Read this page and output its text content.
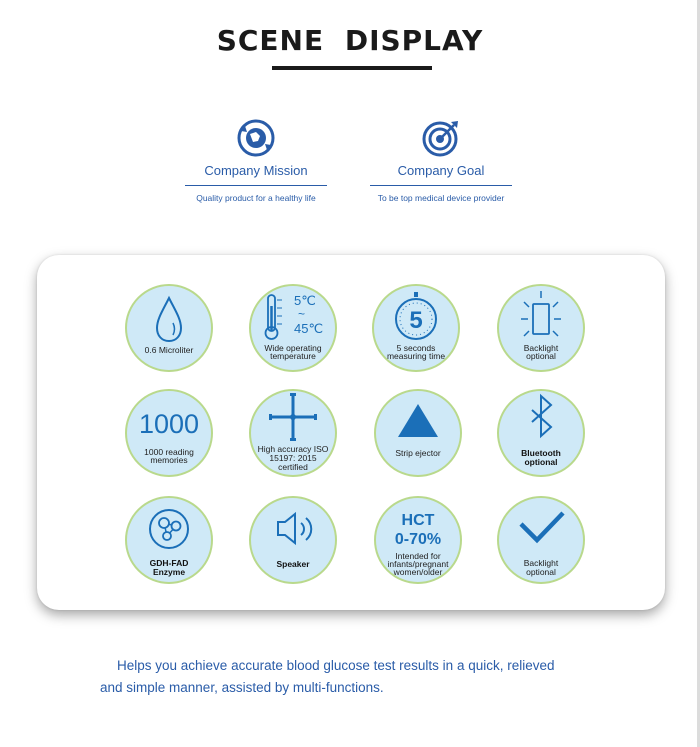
SCENE DISPLAY
Company Mission
Quality product for a healthy life
Company Goal
To be top medical device provider
0.6 Microliter
5℃
~
45℃
Wide operating
temperature
5
5 seconds
measuring time
Backlight
optional
1000
1000 reading
memories
High accuracy ISO
15197: 2015
certified
Strip ejector	Bluetooth
optional
GDH-FAD
Enzyme
Speaker
HCT
0-70%
Intended for
infants/pregnant
women/older
Backlight
optional
Helps you achieve accurate blood glucose test results in a quick, relieved
and simple manner, assisted by multi-functions.
